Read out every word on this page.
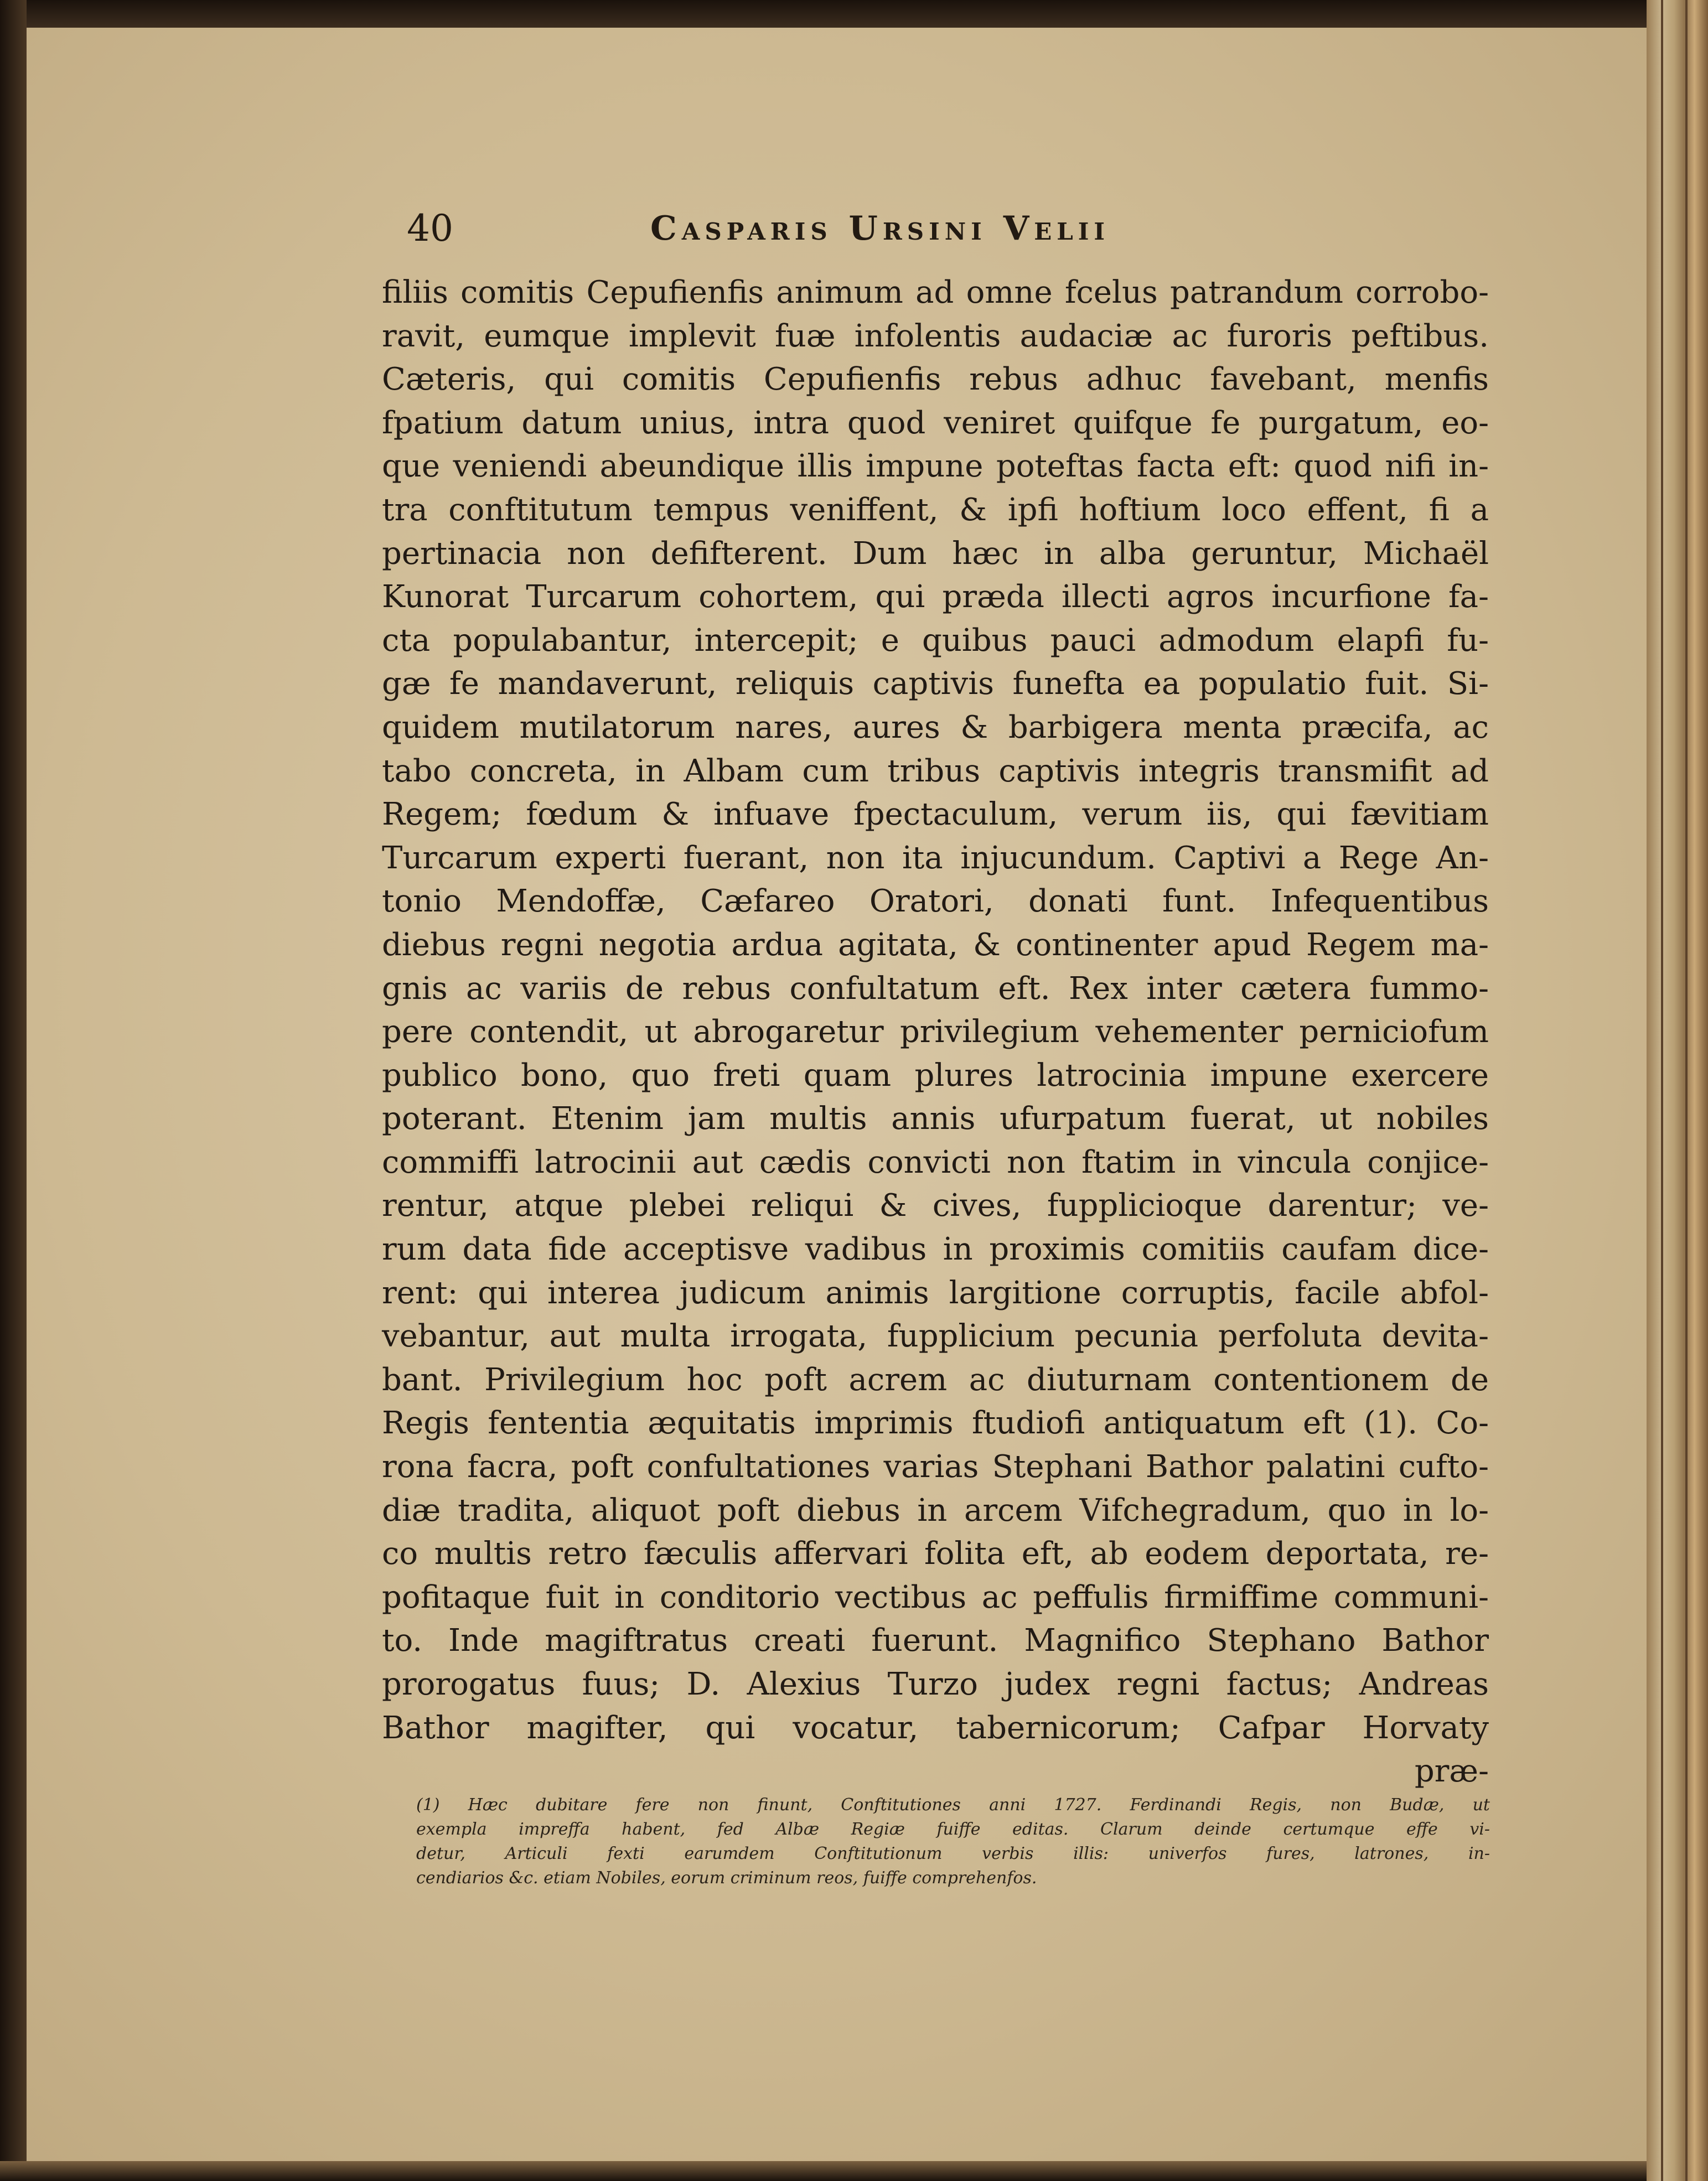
40	Casparis Ursini Velii
filiis comitis Cepufienfis animum ad omne fcelus patrandum corrobo-
ravit, eumque implevit fuæ infolentis audaciæ ac furoris peftibus.
Cæteris, qui comitis Cepufienfis rebus adhuc favebant, menfis
fpatium datum unius, intra quod veniret quifque fe purgatum, eo-
que veniendi abeundique illis impune poteftas facta eft: quod nifi in-
tra conftitutum tempus veniffent, & ipfi hoftium loco effent, fi a
pertinacia non defifterent. Dum hæc in alba geruntur, Michaël
Kunorat Turcarum cohortem, qui præda illecti agros incurfione fa-
cta populabantur, intercepit; e quibus pauci admodum elapfi fu-
gæ fe mandaverunt, reliquis captivis funefta ea populatio fuit. Si-
quidem mutilatorum nares, aures & barbigera menta præcifa, ac
tabo concreta, in Albam cum tribus captivis integris transmifit ad
Regem; fœdum & infuave fpectaculum, verum iis, qui fævitiam
Turcarum experti fuerant, non ita injucundum. Captivi a Rege An-
tonio Mendoffæ, Cæfareo Oratori, donati funt. Infequentibus
diebus regni negotia ardua agitata, & continenter apud Regem ma-
gnis ac variis de rebus confultatum eft. Rex inter cætera fummo-
pere contendit, ut abrogaretur privilegium vehementer perniciofum
publico bono, quo freti quam plures latrocinia impune exercere
poterant. Etenim jam multis annis ufurpatum fuerat, ut nobiles
commiffi latrocinii aut cædis convicti non ftatim in vincula conjice-
rentur, atque plebei reliqui & cives, fupplicioque darentur; ve-
rum data fide acceptisve vadibus in proximis comitiis caufam dice-
rent: qui interea judicum animis largitione corruptis, facile abfol-
vebantur, aut multa irrogata, fupplicium pecunia perfoluta devita-
bant. Privilegium hoc poft acrem ac diuturnam contentionem de
Regis fententia æquitatis imprimis ftudiofi antiquatum eft (1). Co-
rona facra, poft confultationes varias Stephani Bathor palatini cufto-
diæ tradita, aliquot poft diebus in arcem Vifchegradum, quo in lo-
co multis retro fæculis affervari folita eft, ab eodem deportata, re-
pofitaque fuit in conditorio vectibus ac peffulis firmiffime communi-
to. Inde magiftratus creati fuerunt. Magnifico Stephano Bathor
prorogatus fuus; D. Alexius Turzo judex regni factus; Andreas
Bathor magifter, qui vocatur, tabernicorum; Cafpar Horvaty
præ-
(1) Hæc dubitare fere non finunt, Conftitutiones anni 1727. Ferdinandi Regis, non Budæ, ut
exempla impreffa habent, fed Albæ Regiæ fuiffe editas. Clarum deinde certumque effe vi-
detur, Articuli fexti earumdem Conftitutionum verbis illis: univerfos fures, latrones, in-
cendiarios &c. etiam Nobiles, eorum criminum reos, fuiffe comprehenfos.
